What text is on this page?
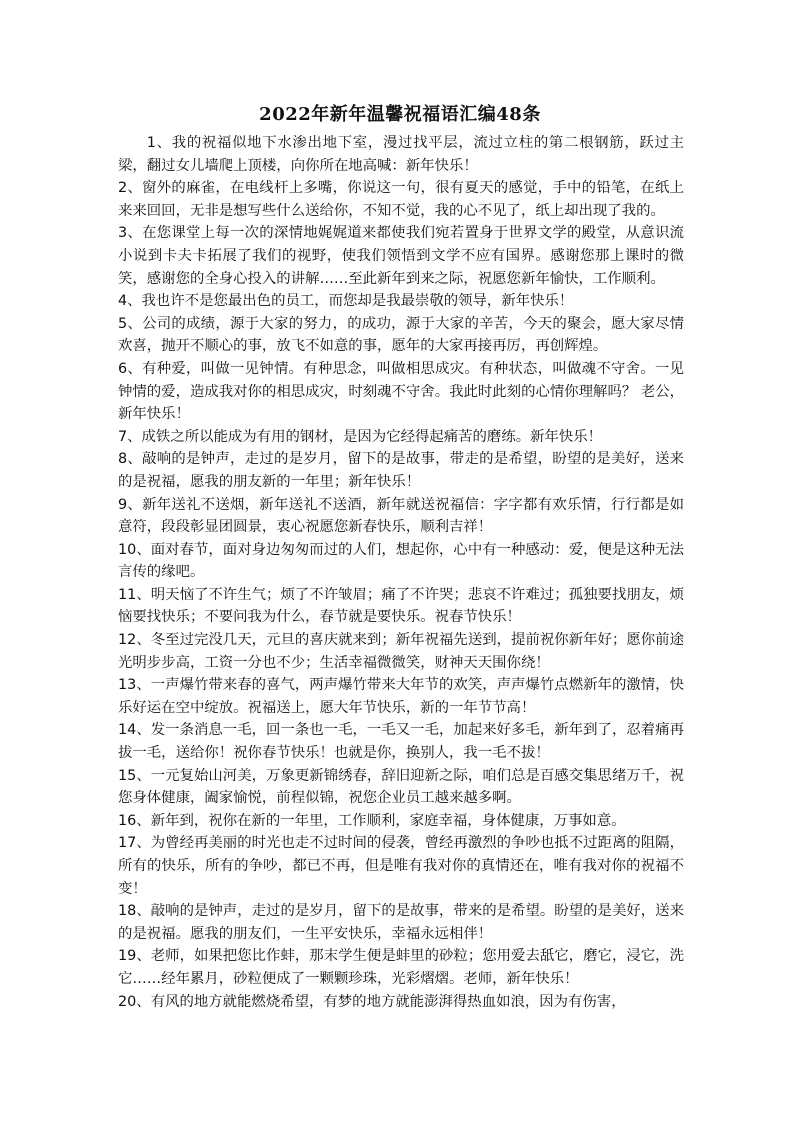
2022年新年温馨祝福语汇编48条

1、我的祝福似地下水渗出地下室，漫过找平层，流过立柱的第二根钢筋，跃过主梁，翻过女儿墙爬上顶楼，向你所在地高喊：新年快乐！

2、窗外的麻雀，在电线杆上多嘴，你说这一句，很有夏天的感觉，手中的铅笔，在纸上来来回回，无非是想写些什么送给你，不知不觉，我的心不见了，纸上却出现了我的。

3、在您课堂上每一次的深情地娓娓道来都使我们宛若置身于世界文学的殿堂，从意识流小说到卡夫卡拓展了我们的视野，使我们领悟到文学不应有国界。感谢您那上课时的微笑，感谢您的全身心投入的讲解……至此新年到来之际，祝愿您新年愉快，工作顺利。

4、我也许不是您最出色的员工，而您却是我最崇敬的领导，新年快乐！

5、公司的成绩，源于大家的努力，的成功，源于大家的辛苦，今天的聚会，愿大家尽情欢喜，抛开不顺心的事，放飞不如意的事，愿年的大家再接再厉，再创辉煌。

6、有种爱，叫做一见钟情。有种思念，叫做相思成灾。有种状态，叫做魂不守舍。一见钟情的爱，造成我对你的相思成灾，时刻魂不守舍。我此时此刻的心情你理解吗？ 老公，新年快乐！

7、成铁之所以能成为有用的钢材，是因为它经得起痛苦的磨练。新年快乐！

8、敲响的是钟声，走过的是岁月，留下的是故事，带走的是希望，盼望的是美好，送来的是祝福，愿我的朋友新的一年里；新年快乐！

9、新年送礼不送烟，新年送礼不送酒，新年就送祝福信：字字都有欢乐情，行行都是如意符，段段彰显团圆景，衷心祝愿您新春快乐，顺利吉祥！

10、面对春节，面对身边匆匆而过的人们，想起你，心中有一种感动：爱，便是这种无法言传的缘吧。

11、明天恼了不许生气；烦了不许皱眉；痛了不许哭；悲哀不许难过；孤独要找朋友，烦恼要找快乐；不要问我为什么，春节就是要快乐。祝春节快乐！

12、冬至过完没几天，元旦的喜庆就来到；新年祝福先送到，提前祝你新年好；愿你前途光明步步高，工资一分也不少；生活幸福微微笑，财神天天围你绕！

13、一声爆竹带来春的喜气，两声爆竹带来大年节的欢笑，声声爆竹点燃新年的激情，快乐好运在空中绽放。祝福送上，愿大年节快乐，新的一年节节高！

14、发一条消息一毛，回一条也一毛，一毛又一毛，加起来好多毛，新年到了，忍着痛再拔一毛，送给你！祝你春节快乐！也就是你，换别人，我一毛不拔！

15、一元复始山河美，万象更新锦绣春，辞旧迎新之际，咱们总是百感交集思绪万千，祝您身体健康，阖家愉悦，前程似锦，祝您企业员工越来越多啊。

16、新年到，祝你在新的一年里，工作顺利，家庭幸福，身体健康，万事如意。

17、为曾经再美丽的时光也走不过时间的侵袭，曾经再激烈的争吵也抵不过距离的阻隔，所有的快乐，所有的争吵，都已不再，但是唯有我对你的真情还在，唯有我对你的祝福不变！

18、敲响的是钟声，走过的是岁月，留下的是故事，带来的是希望。盼望的是美好，送来的是祝福。愿我的朋友们，一生平安快乐，幸福永远相伴！

19、老师，如果把您比作蚌，那末学生便是蚌里的砂粒；您用爱去舐它，磨它，浸它，洗它……经年累月，砂粒便成了一颗颗珍珠，光彩熠熠。老师，新年快乐！

20、有风的地方就能燃烧希望，有梦的地方就能澎湃得热血如浪，因为有伤害，
